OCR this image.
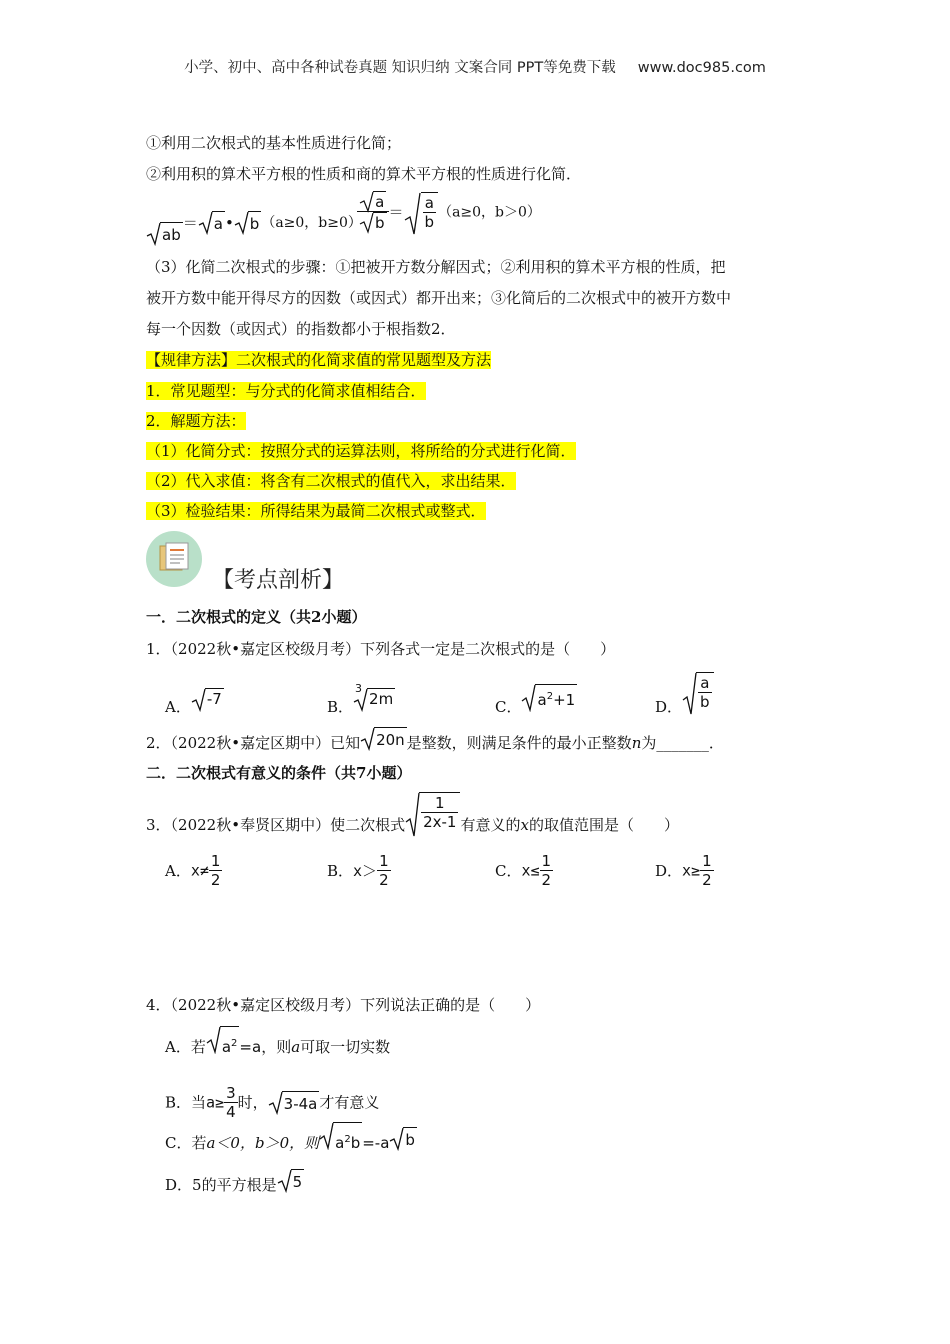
小学、初中、高中各种试卷真题 知识归纳 文案合同 PPT等免费下载 www.doc985.com
①利用二次根式的基本性质进行化简；
②利用积的算术平方根的性质和商的算术平方根的性质进行化简．
ab＝ a • b （a≥0，b≥0）
$\frac{a}{b} = \frac{a}{b} (a\ge 0$，b＞0）
（3）化简二次根式的步骤：①把被开方数分解因式；②利用积的算术平方根的性质，把
被开方数中能开得尽方的因数（或因式）都开出来；③化简后的二次根式中的被开方数中
每一个因数（或因式）的指数都小于根指数2．
【规律方法】二次根式的化简求值的常见题型及方法
1．常见题型：与分式的化简求值相结合．
2．解题方法：
（1）化简分式：按照分式的运算法则，将所给的分式进行化简．
（2）代入求值：将含有二次根式的值代入，求出结果．
（3）检验结果：所得结果为最简二次根式或整式．
【考点剖析】
一．二次根式的定义（共2小题）
1．（2022秋•嘉定区校级月考）下列各式一定是二次根式的是（　　）
A． -7	B．
3
2m	C． $a^2+1$	D． $\frac{a}{b}$
2．（2022秋•嘉定区期中）已知 20n 是整数，则满足条件的最小正整数n为_______．
二．二次根式有意义的条件（共7小题）
3．（2022秋•奉贤区期中）使二次根式 $\frac{1}{2x-1}$ 有意义的x的取值范围是（　　）
A．$x\ne \frac{1}{2}$	B．$x> \frac{1}{2}$	C．$x\le \frac{1}{2}$	D．$x\ge \frac{1}{2}$
4．（2022秋•嘉定区校级月考）下列说法正确的是（　　）
A．若 $a^2 =a$，则a可取一切实数
B．当$a\ge \frac{3}{4}$ 时， 3-4a 才有意义
C．若a＜0，b＞0，则 $a^2b =-a$ b
D．5的平方根是 5
